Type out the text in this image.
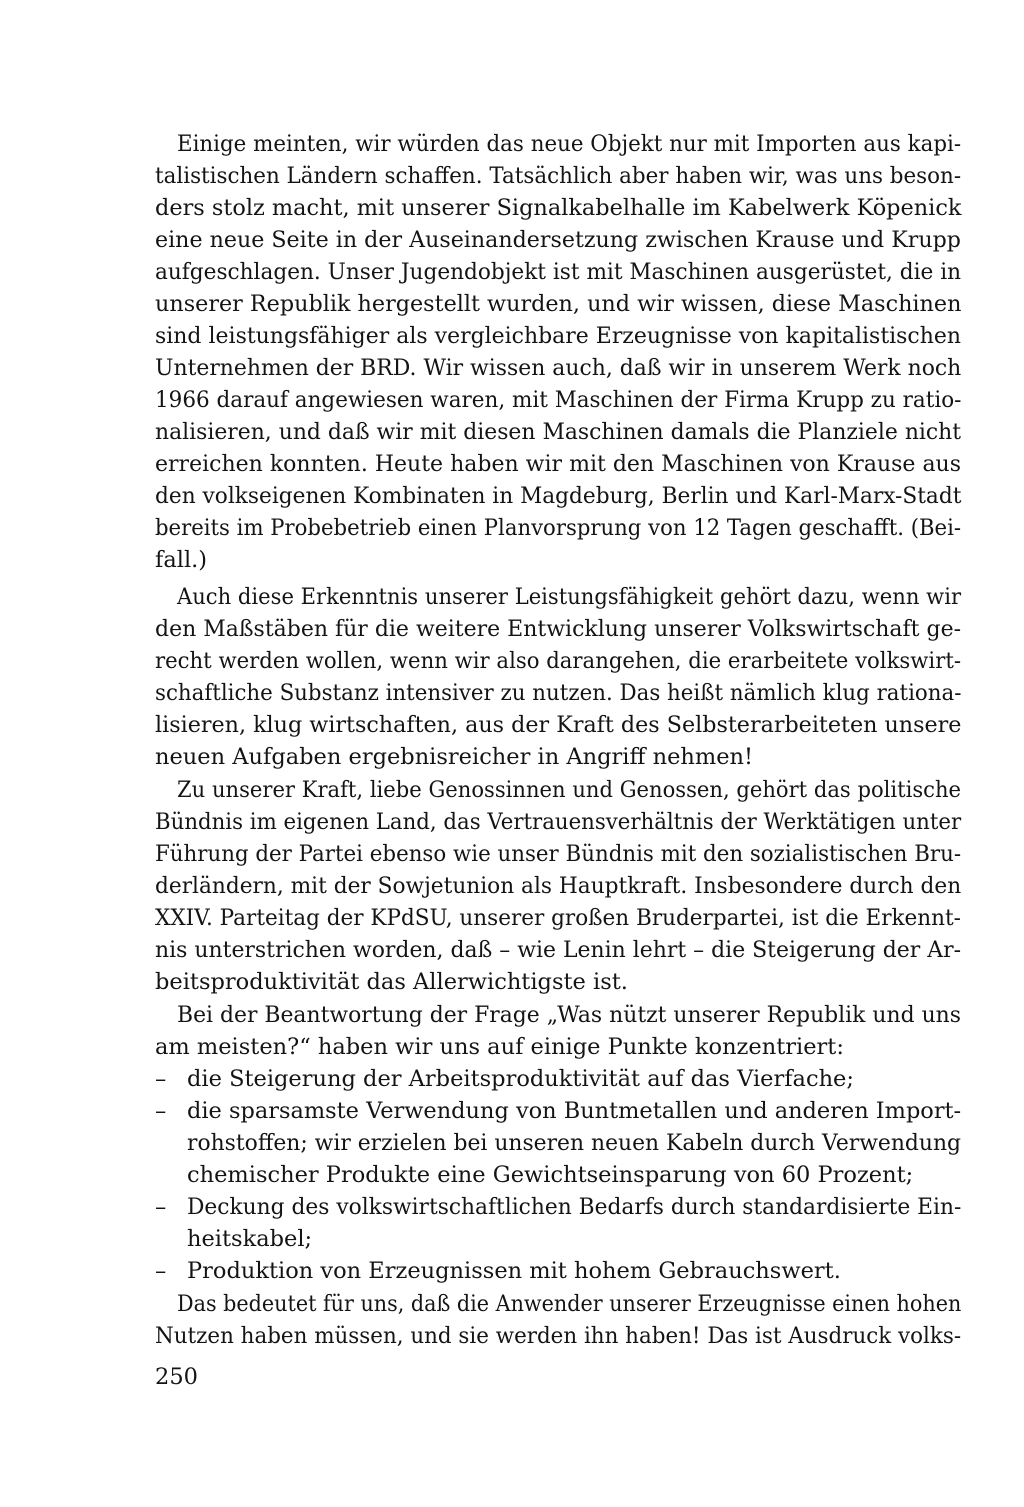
Einige meinten, wir würden das neue Objekt nur mit Importen aus kapi-
talistischen Ländern schaffen. Tatsächlich aber haben wir, was uns beson-
ders stolz macht, mit unserer Signalkabelhalle im Kabelwerk Köpenick
eine neue Seite in der Auseinandersetzung zwischen Krause und Krupp
aufgeschlagen. Unser Jugendobjekt ist mit Maschinen ausgerüstet, die in
unserer Republik hergestellt wurden, und wir wissen, diese Maschinen
sind leistungsfähiger als vergleichbare Erzeugnisse von kapitalistischen
Unternehmen der BRD. Wir wissen auch, daß wir in unserem Werk noch
1966 darauf angewiesen waren, mit Maschinen der Firma Krupp zu ratio-
nalisieren, und daß wir mit diesen Maschinen damals die Planziele nicht
erreichen konnten. Heute haben wir mit den Maschinen von Krause aus
den volkseigenen Kombinaten in Magdeburg, Berlin und Karl-Marx-Stadt
bereits im Probebetrieb einen Planvorsprung von 12 Tagen geschafft. (Bei-
fall.)
Auch diese Erkenntnis unserer Leistungsfähigkeit gehört dazu, wenn wir
den Maßstäben für die weitere Entwicklung unserer Volkswirtschaft ge-
recht werden wollen, wenn wir also darangehen, die erarbeitete volkswirt-
schaftliche Substanz intensiver zu nutzen. Das heißt nämlich klug rationa-
lisieren, klug wirtschaften, aus der Kraft des Selbsterarbeiteten unsere
neuen Aufgaben ergebnisreicher in Angriff nehmen!
Zu unserer Kraft, liebe Genossinnen und Genossen, gehört das politische
Bündnis im eigenen Land, das Vertrauensverhältnis der Werktätigen unter
Führung der Partei ebenso wie unser Bündnis mit den sozialistischen Bru-
derländern, mit der Sowjetunion als Hauptkraft. Insbesondere durch den
XXIV. Parteitag der KPdSU, unserer großen Bruderpartei, ist die Erkennt-
nis unterstrichen worden, daß – wie Lenin lehrt – die Steigerung der Ar-
beitsproduktivität das Allerwichtigste ist.
Bei der Beantwortung der Frage „Was nützt unserer Republik und uns
am meisten?“ haben wir uns auf einige Punkte konzentriert:
– die Steigerung der Arbeitsproduktivität auf das Vierfache;
– die sparsamste Verwendung von Buntmetallen und anderen Import-
rohstoffen; wir erzielen bei unseren neuen Kabeln durch Verwendung
chemischer Produkte eine Gewichtseinsparung von 60 Prozent;
– Deckung des volkswirtschaftlichen Bedarfs durch standardisierte Ein-
heitskabel;
– Produktion von Erzeugnissen mit hohem Gebrauchswert.
Das bedeutet für uns, daß die Anwender unserer Erzeugnisse einen hohen
Nutzen haben müssen, und sie werden ihn haben! Das ist Ausdruck volks-
250
